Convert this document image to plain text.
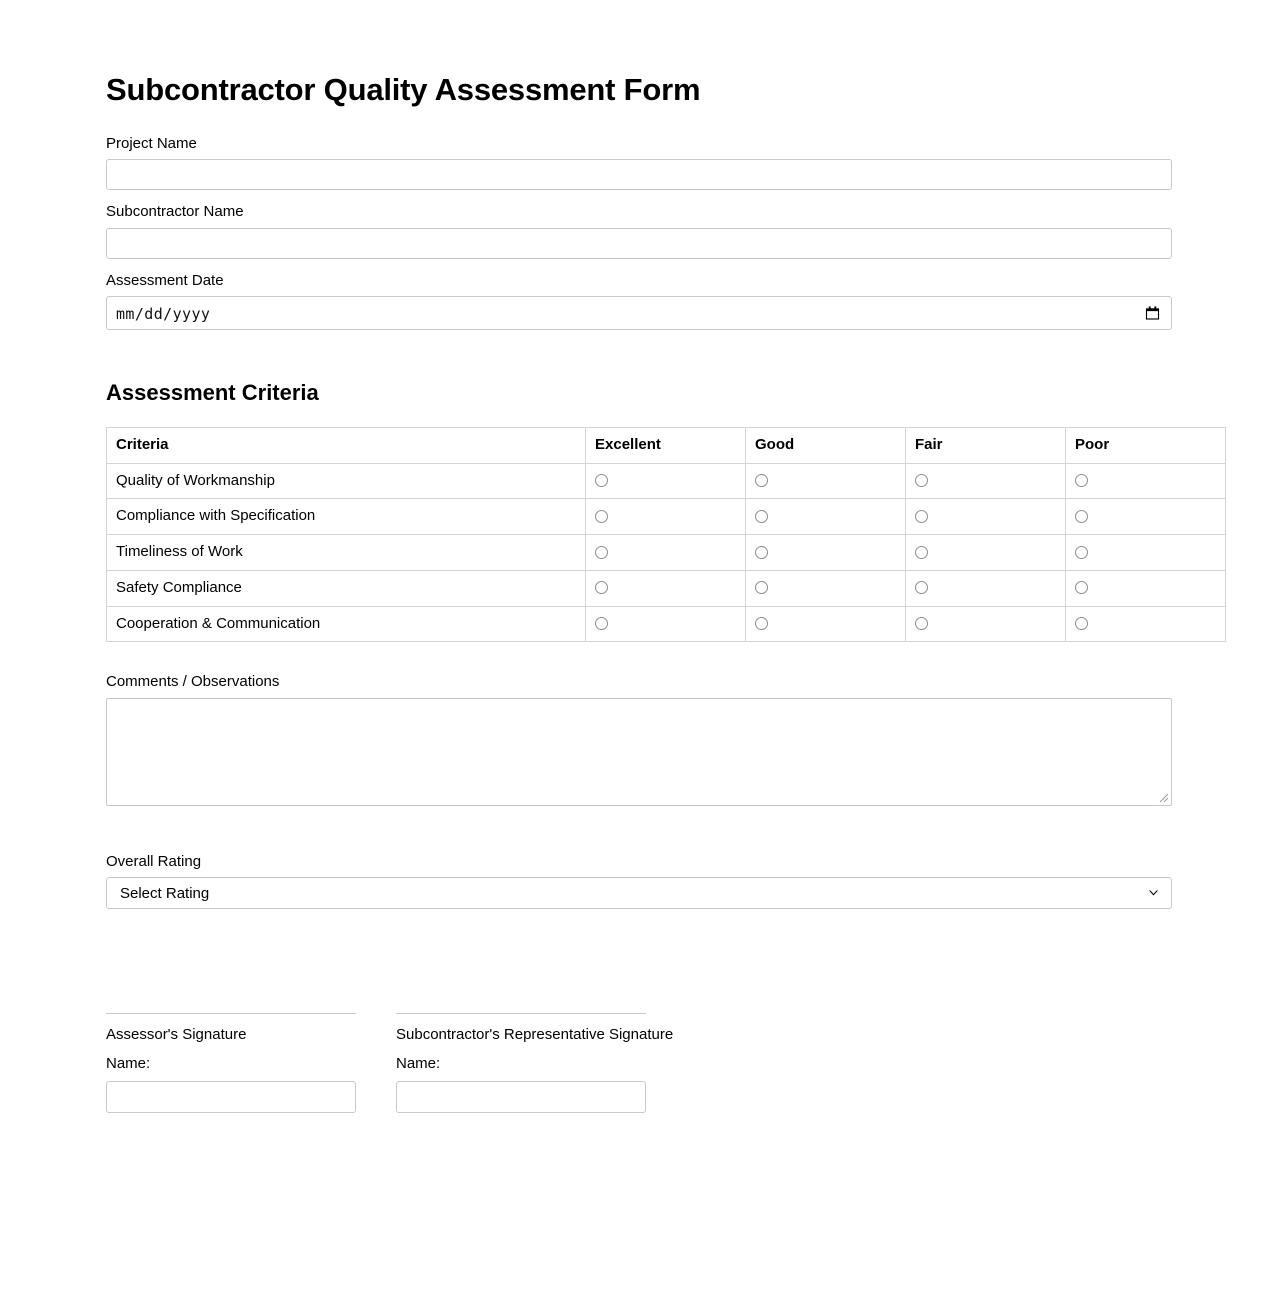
Subcontractor Quality Assessment Form
Project Name
Subcontractor Name
Assessment Date
mm/dd/yyyy
Assessment Criteria
Criteria	Excellent	Good	Fair	Poor
Quality of Workmanship				
Compliance with Specification				
Timeliness of Work				
Safety Compliance				
Cooperation & Communication				
Comments / Observations
Overall Rating
Select Rating
Assessor's Signature
Name:
Subcontractor's Representative Signature
Name:
